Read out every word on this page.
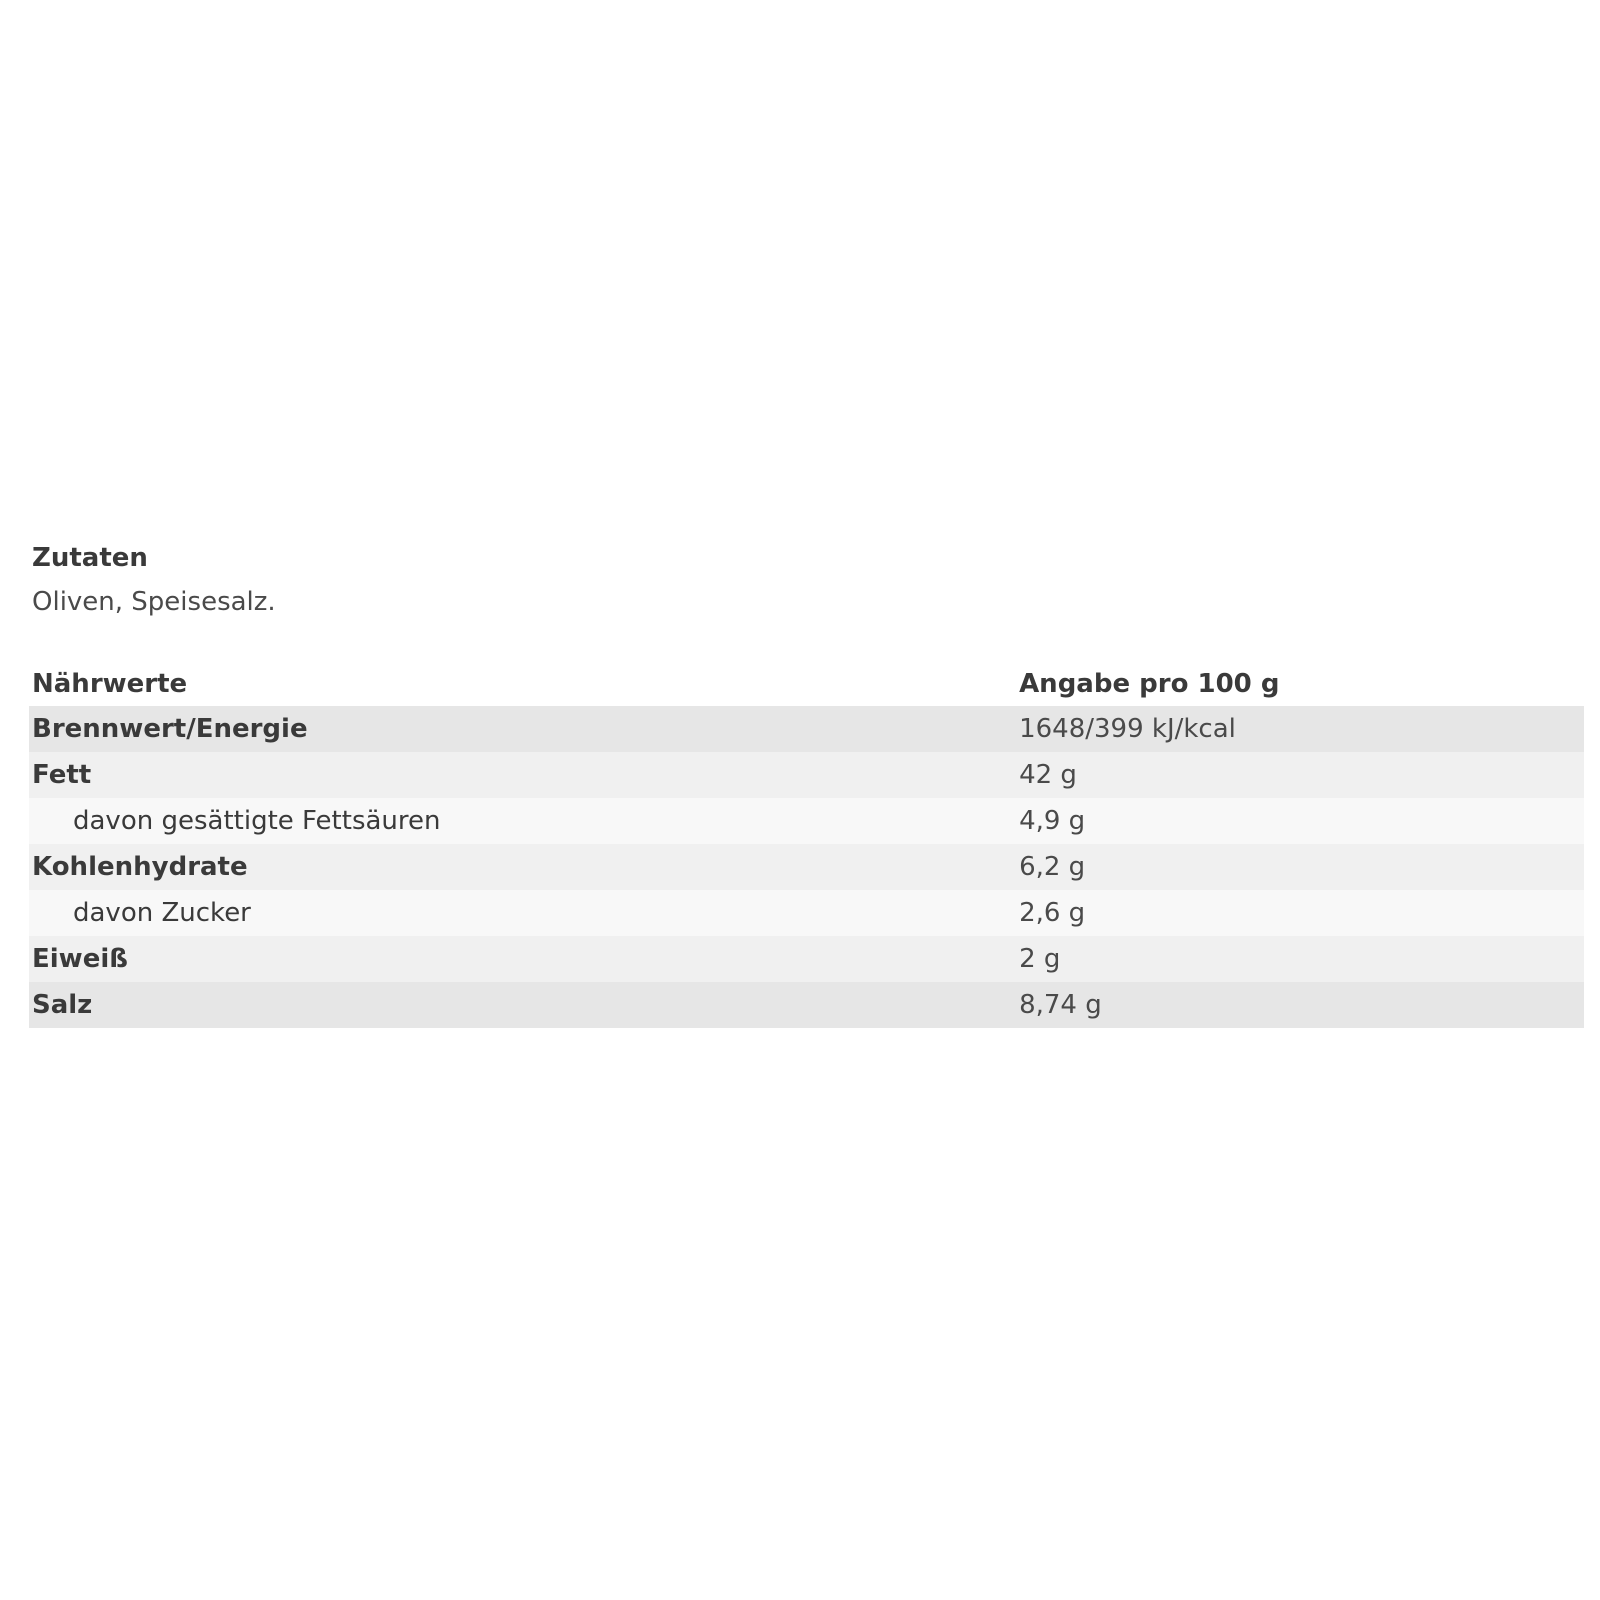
Zutaten

Oliven, Speisesalz.

Nährwerte	Angabe pro 100 g
Brennwert/Energie	1648/399 kJ/kcal
Fett	42 g
davon gesättigte Fettsäuren	4,9 g
Kohlenhydrate	6,2 g
davon Zucker	2,6 g
Eiweiß	2 g
Salz	8,74 g
